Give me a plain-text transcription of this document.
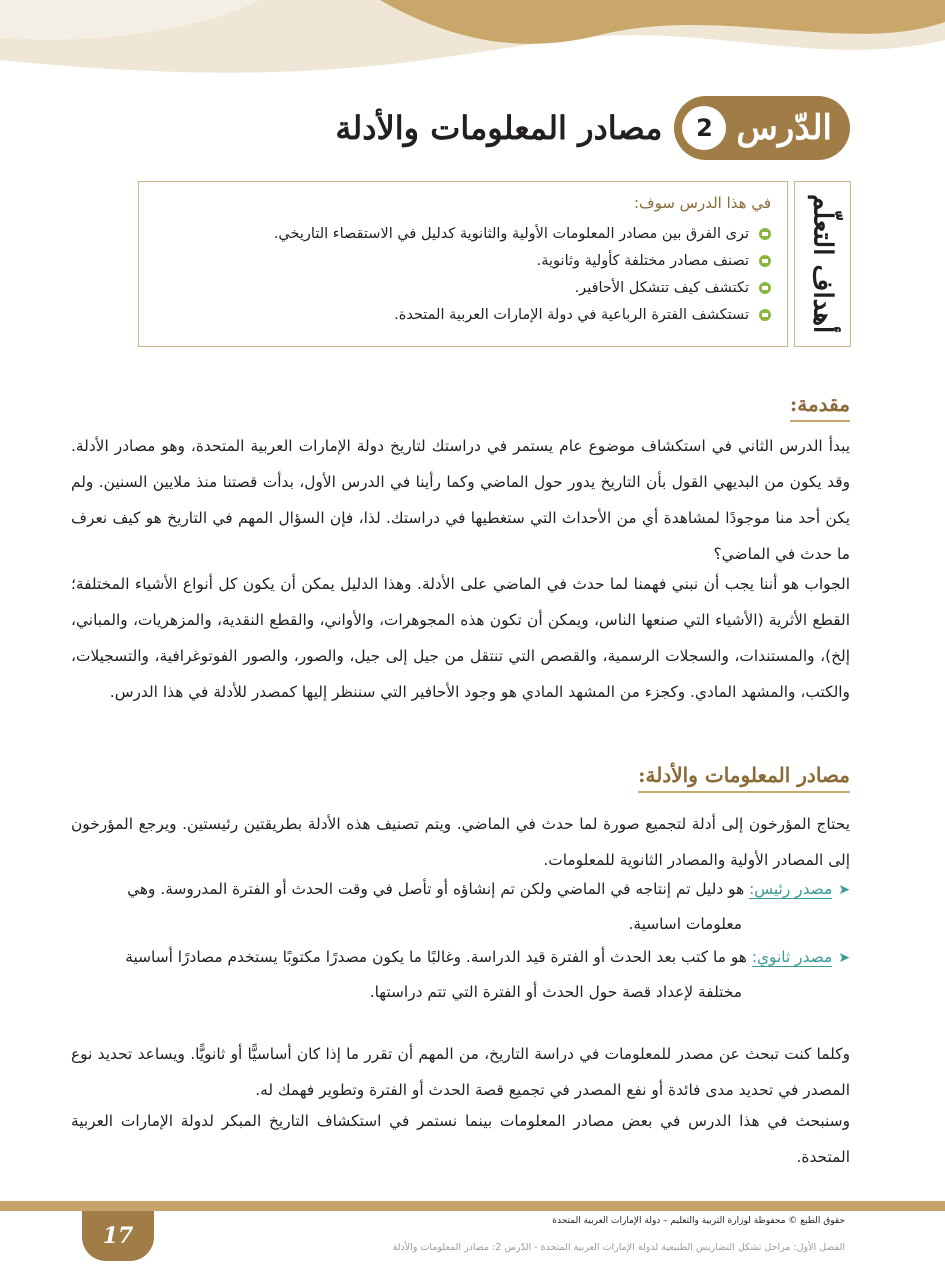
الدّرس
2
مصادر المعلومات والأدلة
أهداف التعلّم
في هذا الدرس سوف:
ترى الفرق بين مصادر المعلومات الأولية والثانوية كدليل في الاستقصاء التاريخي.
تصنف مصادر مختلفة كأولية وثانوية.
تكتشف كيف تتشكل الأحافير.
تستكشف الفترة الرباعية في دولة الإمارات العربية المتحدة.
مقدمة:

يبدأ الدرس الثاني في استكشاف موضوع عام يستمر في دراستك لتاريخ دولة الإمارات العربية المتحدة، وهو مصادر الأدلة. وقد يكون من البديهي القول بأن التاريخ يدور حول الماضي وكما رأينا في الدرس الأول، بدأت قصتنا منذ ملايين السنين. ولم يكن أحد منا موجودًا لمشاهدة أي من الأحداث التي ستغطيها في دراستك. لذا، فإن السؤال المهم في التاريخ هو كيف نعرف ما حدث في الماضي؟

الجواب هو أننا يجب أن نبني فهمنا لما حدث في الماضي على الأدلة. وهذا الدليل يمكن أن يكون كل أنواع الأشياء المختلفة؛ القطع الأثرية (الأشياء التي صنعها الناس، ويمكن أن تكون هذه المجوهرات، والأواني، والقطع النقدية، والمزهريات، والمباني، إلخ)، والمستندات، والسجلات الرسمية، والقصص التي تنتقل من جيل إلى جيل، والصور، والصور الفوتوغرافية، والتسجيلات، والكتب، والمشهد المادي. وكجزء من المشهد المادي هو وجود الأحافير التي سننظر إليها كمصدر للأدلة في هذا الدرس.

مصادر المعلومات والأدلة:

يحتاج المؤرخون إلى أدلة لتجميع صورة لما حدث في الماضي. ويتم تصنيف هذه الأدلة بطريقتين رئيستين. ويرجع المؤرخون إلى المصادر الأولية والمصادر الثانوية للمعلومات.

➤مصدر رئيس: هو دليل تم إنتاجه في الماضي ولكن تم إنشاؤه أو تأصل في وقت الحدث أو الفترة المدروسة. وهي
معلومات اساسية.
➤مصدر ثانوي: هو ما كتب بعد الحدث أو الفترة قيد الدراسة. وغالبًا ما يكون مصدرًا مكتوبًا يستخدم مصادرًا أساسية
مختلفة لإعداد قصة حول الحدث أو الفترة التي تتم دراستها.

وكلما كنت تبحث عن مصدر للمعلومات في دراسة التاريخ، من المهم أن تقرر ما إذا كان أساسيًّا أو ثانويًّا. ويساعد تحديد نوع المصدر في تحديد مدى فائدة أو نفع المصدر في تجميع قصة الحدث أو الفترة وتطوير فهمك له.

وسنبحث في هذا الدرس في بعض مصادر المعلومات بينما نستمر في استكشاف التاريخ المبكر لدولة الإمارات العربية المتحدة.

17
حقوق الطبع © محفوظة لوزارة التربية والتعليم – دولة الإمارات العربية المتحدة
الفصل الأول: مراحل تشكل التضاريس الطبيعية لدولة الإمارات العربية المتحدة - الدّرس 2: مصادر المعلومات والأدلة
